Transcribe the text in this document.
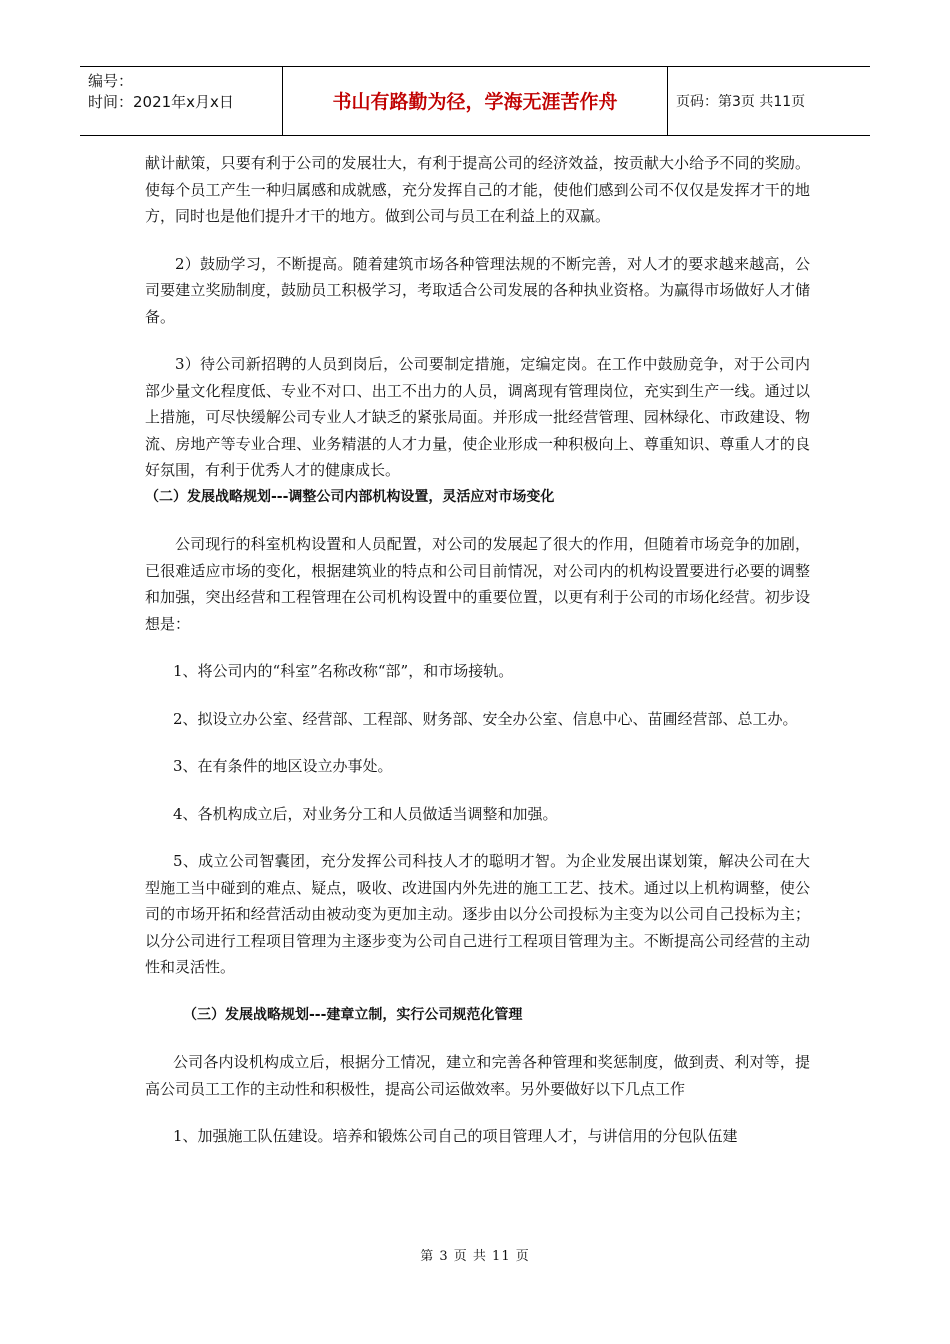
编号：
时间：2021年x月x日	书山有路勤为径，学海无涯苦作舟	页码：第3页 共11页

献计献策，只要有利于公司的发展壮大，有利于提高公司的经济效益，按贡献大小给予不同的奖励。使每个员工产生一种归属感和成就感，充分发挥自己的才能，使他们感到公司不仅仅是发挥才干的地方，同时也是他们提升才干的地方。做到公司与员工在利益上的双赢。

2）鼓励学习，不断提高。随着建筑市场各种管理法规的不断完善，对人才的要求越来越高，公司要建立奖励制度，鼓励员工积极学习，考取适合公司发展的各种执业资格。为赢得市场做好人才储备。

3）待公司新招聘的人员到岗后，公司要制定措施，定编定岗。在工作中鼓励竞争，对于公司内部少量文化程度低、专业不对口、出工不出力的人员，调离现有管理岗位，充实到生产一线。通过以上措施，可尽快缓解公司专业人才缺乏的紧张局面。并形成一批经营管理、园林绿化、市政建设、物流、房地产等专业合理、业务精湛的人才力量，使企业形成一种积极向上、尊重知识、尊重人才的良好氛围，有利于优秀人才的健康成长。

（二）发展战略规划---调整公司内部机构设置，灵活应对市场变化

公司现行的科室机构设置和人员配置，对公司的发展起了很大的作用，但随着市场竞争的加剧，已很难适应市场的变化，根据建筑业的特点和公司目前情况，对公司内的机构设置要进行必要的调整和加强，突出经营和工程管理在公司机构设置中的重要位置，以更有利于公司的市场化经营。初步设想是：

1、将公司内的“科室”名称改称“部”，和市场接轨。

2、拟设立办公室、经营部、工程部、财务部、安全办公室、信息中心、苗圃经营部、总工办。

3、在有条件的地区设立办事处。

4、各机构成立后，对业务分工和人员做适当调整和加强。

5、成立公司智囊团，充分发挥公司科技人才的聪明才智。为企业发展出谋划策，解决公司在大型施工当中碰到的难点、疑点，吸收、改进国内外先进的施工工艺、技术。通过以上机构调整，使公司的市场开拓和经营活动由被动变为更加主动。逐步由以分公司投标为主变为以公司自己投标为主；以分公司进行工程项目管理为主逐步变为公司自己进行工程项目管理为主。不断提高公司经营的主动性和灵活性。

（三）发展战略规划---建章立制，实行公司规范化管理

公司各内设机构成立后，根据分工情况，建立和完善各种管理和奖惩制度，做到责、利对等，提高公司员工工作的主动性和积极性，提高公司运做效率。另外要做好以下几点工作

1、加强施工队伍建设。培养和锻炼公司自己的项目管理人才，与讲信用的分包队伍建

第 3 页 共 11 页
